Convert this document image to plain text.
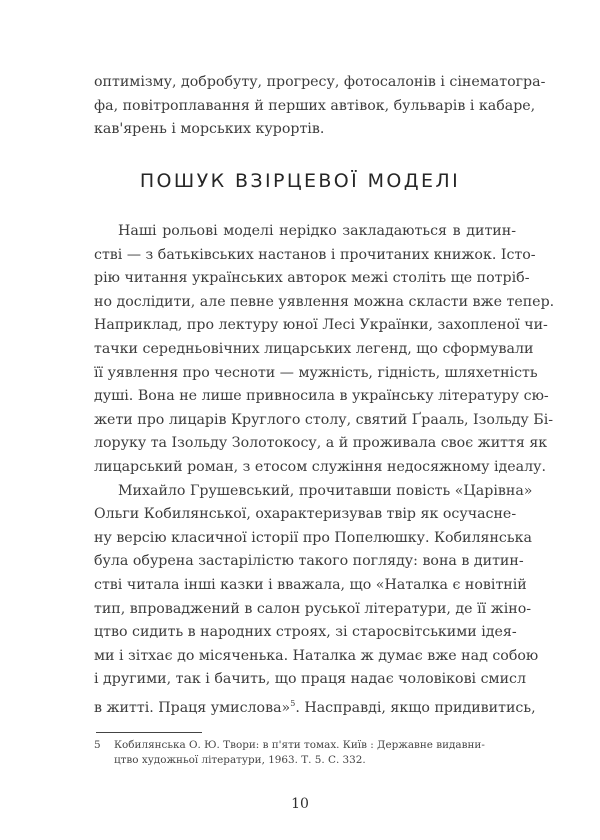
оптимізму, добробуту, прогресу, фотосалонів і сінематогра-
фа, повітроплавання й перших автівок, бульварів і кабаре,
кав'ярень і морських курортів.
ПОШУК ВЗІРЦЕВОЇ МОДЕЛІ
Наші рольові моделі нерідко закладаються в дитин-
стві — з батьківських настанов і прочитаних книжок. Істо-
рію читання українських авторок межі століть ще потріб-
но дослідити, але певне уявлення можна скласти вже тепер.
Наприклад, про лектуру юної Лесі Українки, захопленої чи-
тачки середньовічних лицарських легенд, що сформували
її уявлення про чесноти — мужність, гідність, шляхетність
душі. Вона не лише привносила в українську літературу сю-
жети про лицарів Круглого столу, святий Ґрааль, Ізольду Бі-
лоруку та Ізольду Золотокосу, а й проживала своє життя як
лицарський роман, з етосом служіння недосяжному ідеалу.
Михайло Грушевський, прочитавши повість «Царівна»
Ольги Кобилянської, охарактеризував твір як осучасне-
ну версію класичної історії про Попелюшку. Кобилянська
була обурена застарілістю такого погляду: вона в дитин-
стві читала інші казки і вважала, що «Наталка є новітній
тип, впроваджений в салон руської літератури, де її жіно-
цтво сидить в народних строях, зі старосвітськими ідея-
ми і зітхає до місяченька. Наталка ж думає вже над собою
і другими, так і бачить, що праця надає чоловікові смисл
в житті. Праця умислова»$^5$. Насправді, якщо придивитись,
5 Кобилянська О. Ю. Твори: в п'яти томах. Київ : Державне видавни-
цтво художньої літератури, 1963. Т. 5. С. 332.
10
